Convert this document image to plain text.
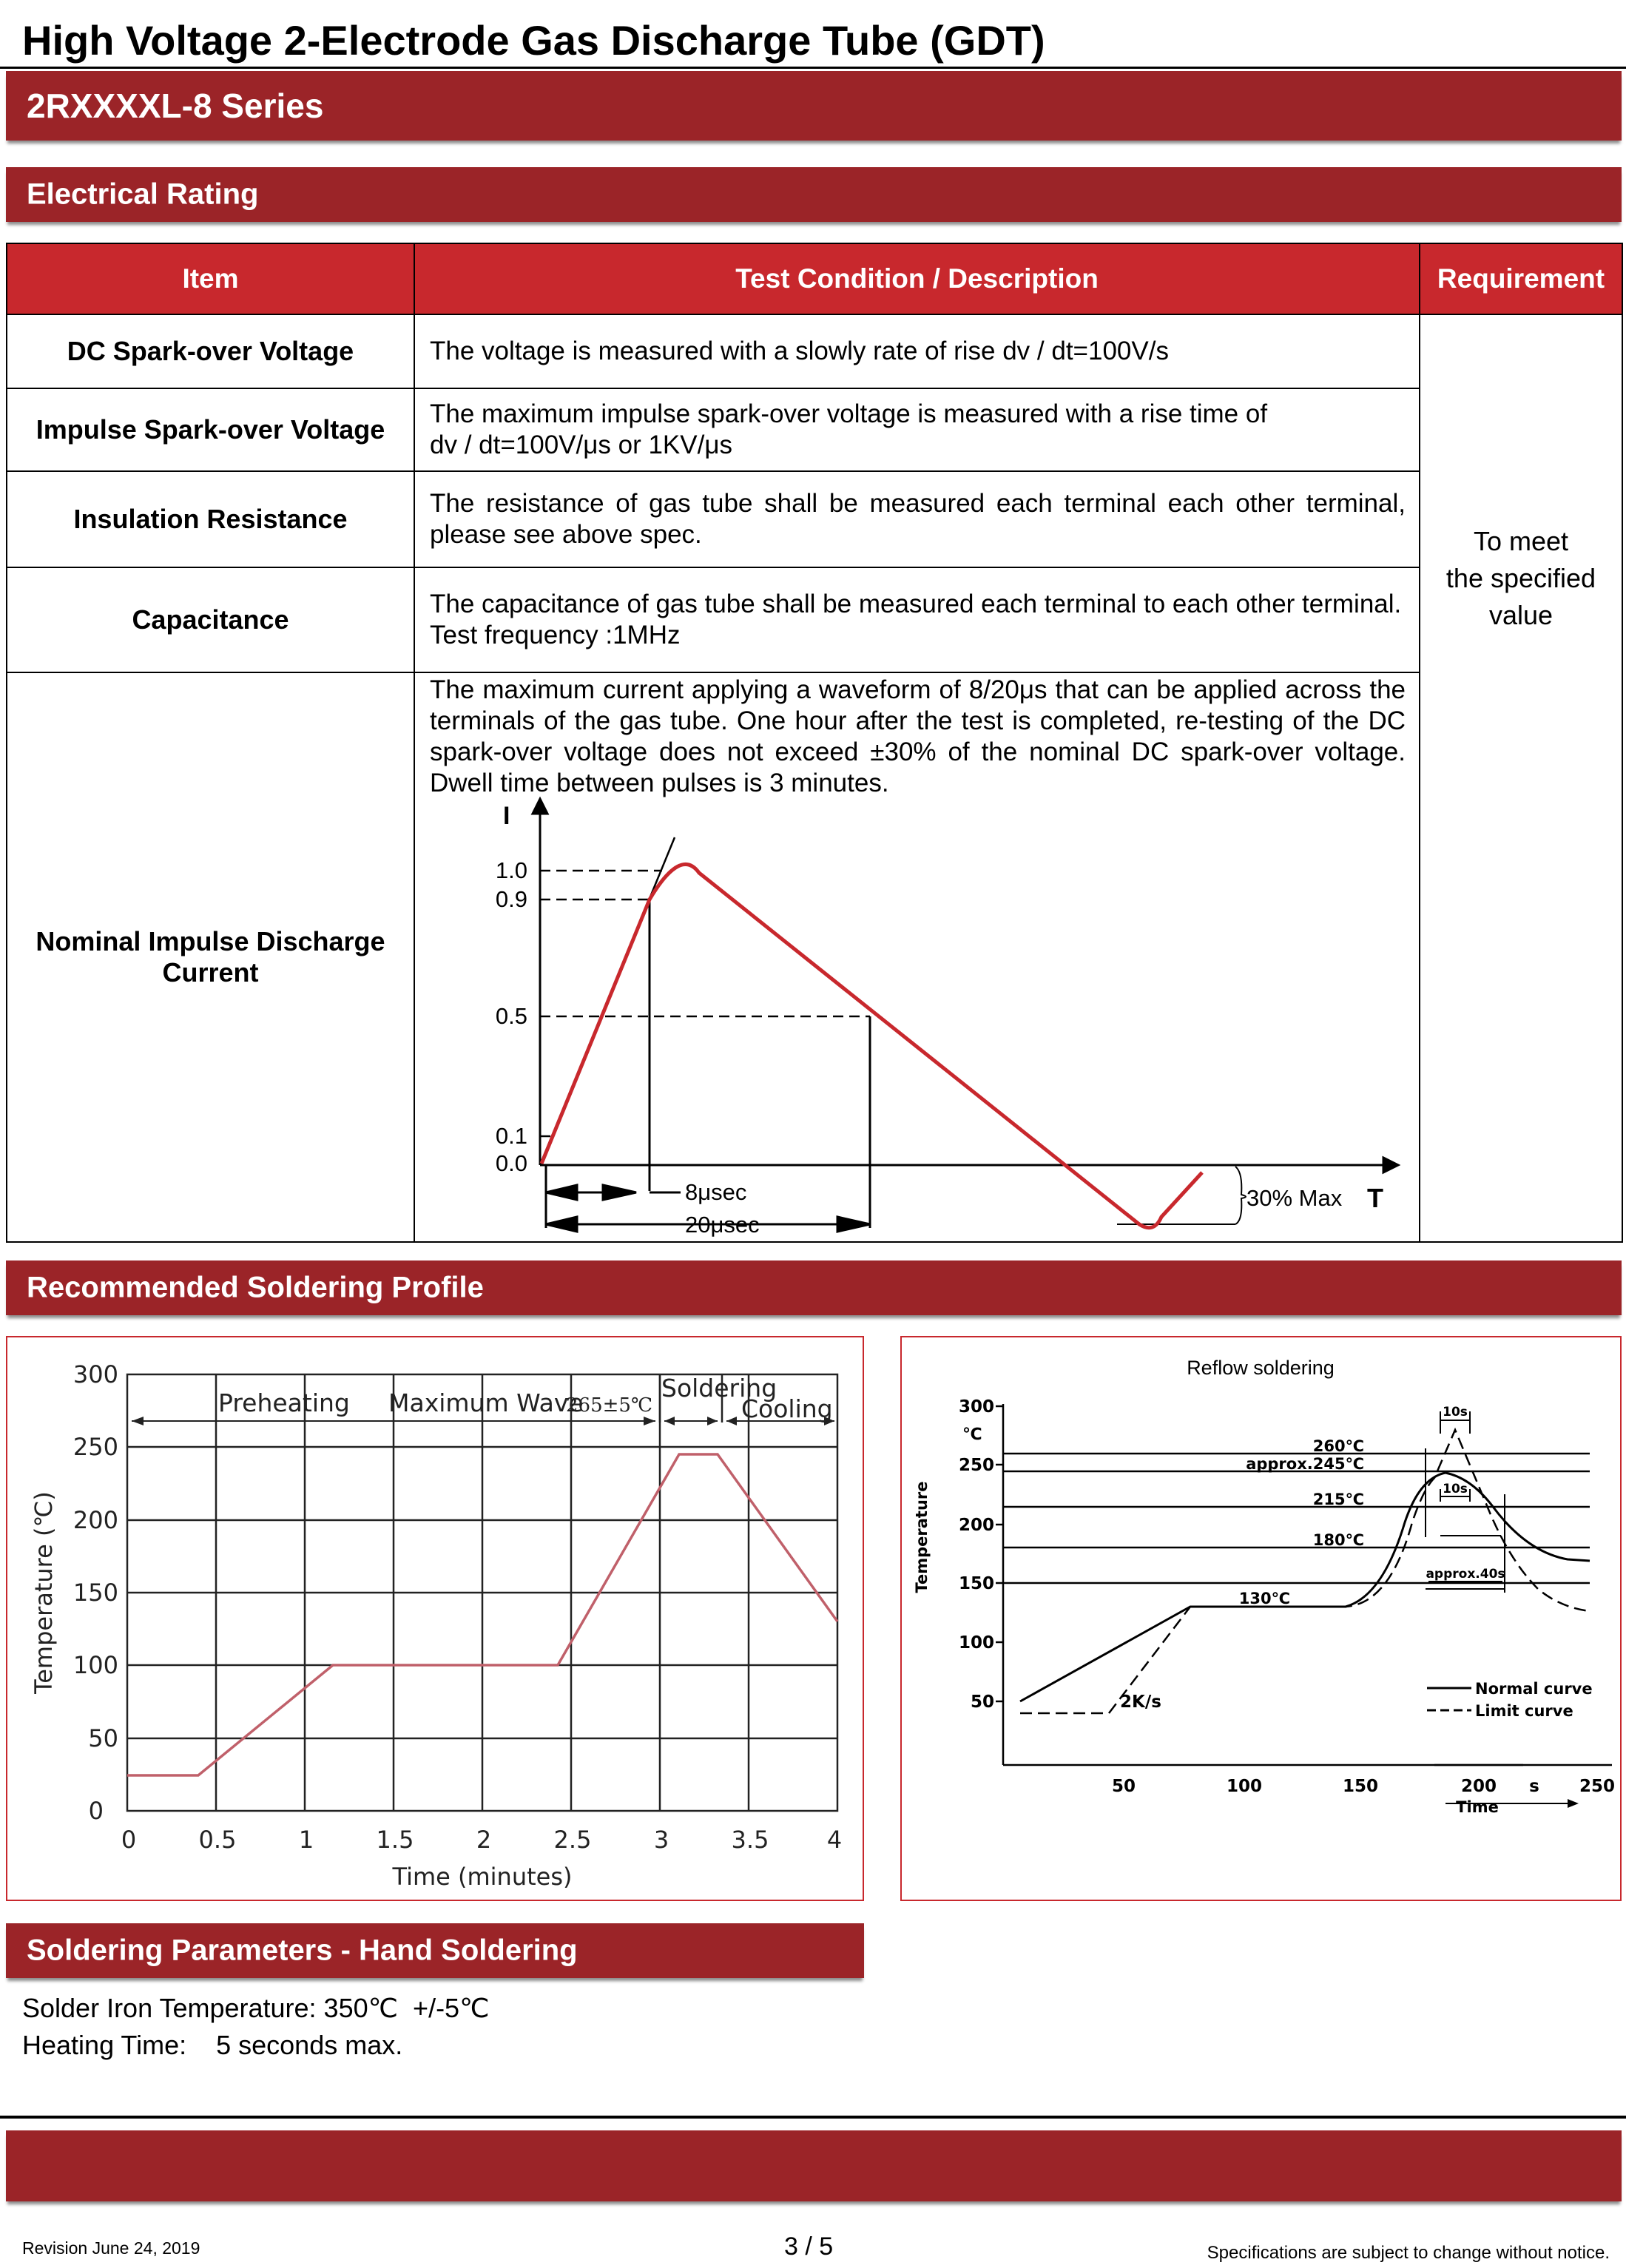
High Voltage 2-Electrode Gas Discharge Tube (GDT)
2RXXXXL-8 Series
Electrical Rating
Item	Test Condition / Description	Requirement
DC Spark-over Voltage	The voltage is measured with a slowly rate of rise dv / dt=100V/s	To meet
the specified
value

Impulse Spark-over Voltage	The maximum impulse spark-over voltage is measured with a rise time of
dv / dt=100V/μs or 1KV/μs	

Insulation Resistance	The resistance of gas tube shall be measured each terminal each other terminal, please see above spec.	

Capacitance	The capacitance of gas tube shall be measured each terminal to each other terminal.
Test frequency :1MHz	

Nominal Impulse Discharge Current	The maximum current applying a waveform of 8/20μs that can be applied across the terminals of the gas tube. One hour after the test is completed, re-testing of the DC spark-over voltage does not exceed ±30% of the nominal DC spark-over voltage. Dwell time between pulses is 3 minutes.	
I
T
1.0
0.9
0.5
0.1
0.0
8μsec
20μsec
30% Max
Recommended Soldering Profile
Preheating Maximum Wave
265±5℃
Soldering
Cooling
300
250
200
150
100
50
0
0	0.5	1	1.5	2	2.5	3	3.5 4
Time (minutes)
Temperature (℃)
Reflow soldering
300
250
200
150
100
50
℃
Temperature
50	100	150	200	250
s
Time
260℃
approx.245℃
215℃
180℃
130℃
10s
10s
approx.40s
2K/s
Normal curve
Limit curve
Soldering Parameters - Hand Soldering
Solder Iron Temperature: 350℃  +/-5℃
Heating Time:    5 seconds max.
Revision June 24, 2019	3 / 5	Specifications are subject to change without notice.
